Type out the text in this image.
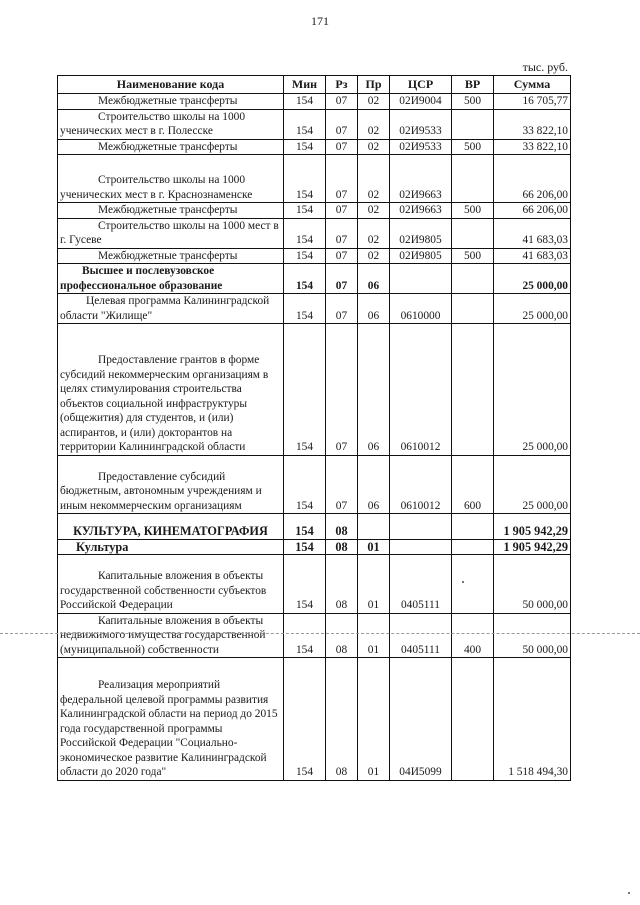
171
тыс. руб.
Наименование кода	Мин	Рз	Пр	ЦСР	ВР	Сумма
Межбюджетные трансферты	154	07	02	02И9004	500	16 705,77
Строительство школы на 1000 ученических мест в г. Полесске	154	07	02	02И9533		33 822,10
Межбюджетные трансферты	154	07	02	02И9533	500	33 822,10
Строительство школы на 1000 ученических мест в г. Краснознаменске	154	07	02	02И9663		66 206,00
Межбюджетные трансферты	154	07	02	02И9663	500	66 206,00
Строительство школы на 1000 мест в г. Гусеве	154	07	02	02И9805		41 683,03
Межбюджетные трансферты	154	07	02	02И9805	500	41 683,03
Высшее и послевузовское профессиональное образование	154	07	06			25 000,00
Целевая программа Калининградской области "Жилище"	154	07	06	0610000		25 000,00
Предоставление грантов в форме субсидий некоммерческим организациям в целях стимулирования строительства объектов социальной инфраструктуры (общежития) для студентов, и (или) аспирантов, и (или) докторантов на территории Калининградской области	154	07	06	0610012		25 000,00
Предоставление субсидий бюджетным, автономным учреждениям и иным некоммерческим организациям	154	07	06	0610012	600	25 000,00
КУЛЬТУРА, КИНЕМАТОГРАФИЯ	154	08				1 905 942,29
Культура	154	08	01			1 905 942,29
Капитальные вложения в объекты государственной собственности субъектов Российской Федерации	154	08	01	0405111		50 000,00
Капитальные вложения в объекты недвижимого имущества государственной (муниципальной) собственности	154	08	01	0405111	400	50 000,00
Реализация мероприятий федеральной целевой программы развития Калининградской области на период до 2015 года государственной программы Российской Федерации "Социально-экономическое развитие Калининградской области до 2020 года"	154	08	01	04И5099		1 518 494,30
